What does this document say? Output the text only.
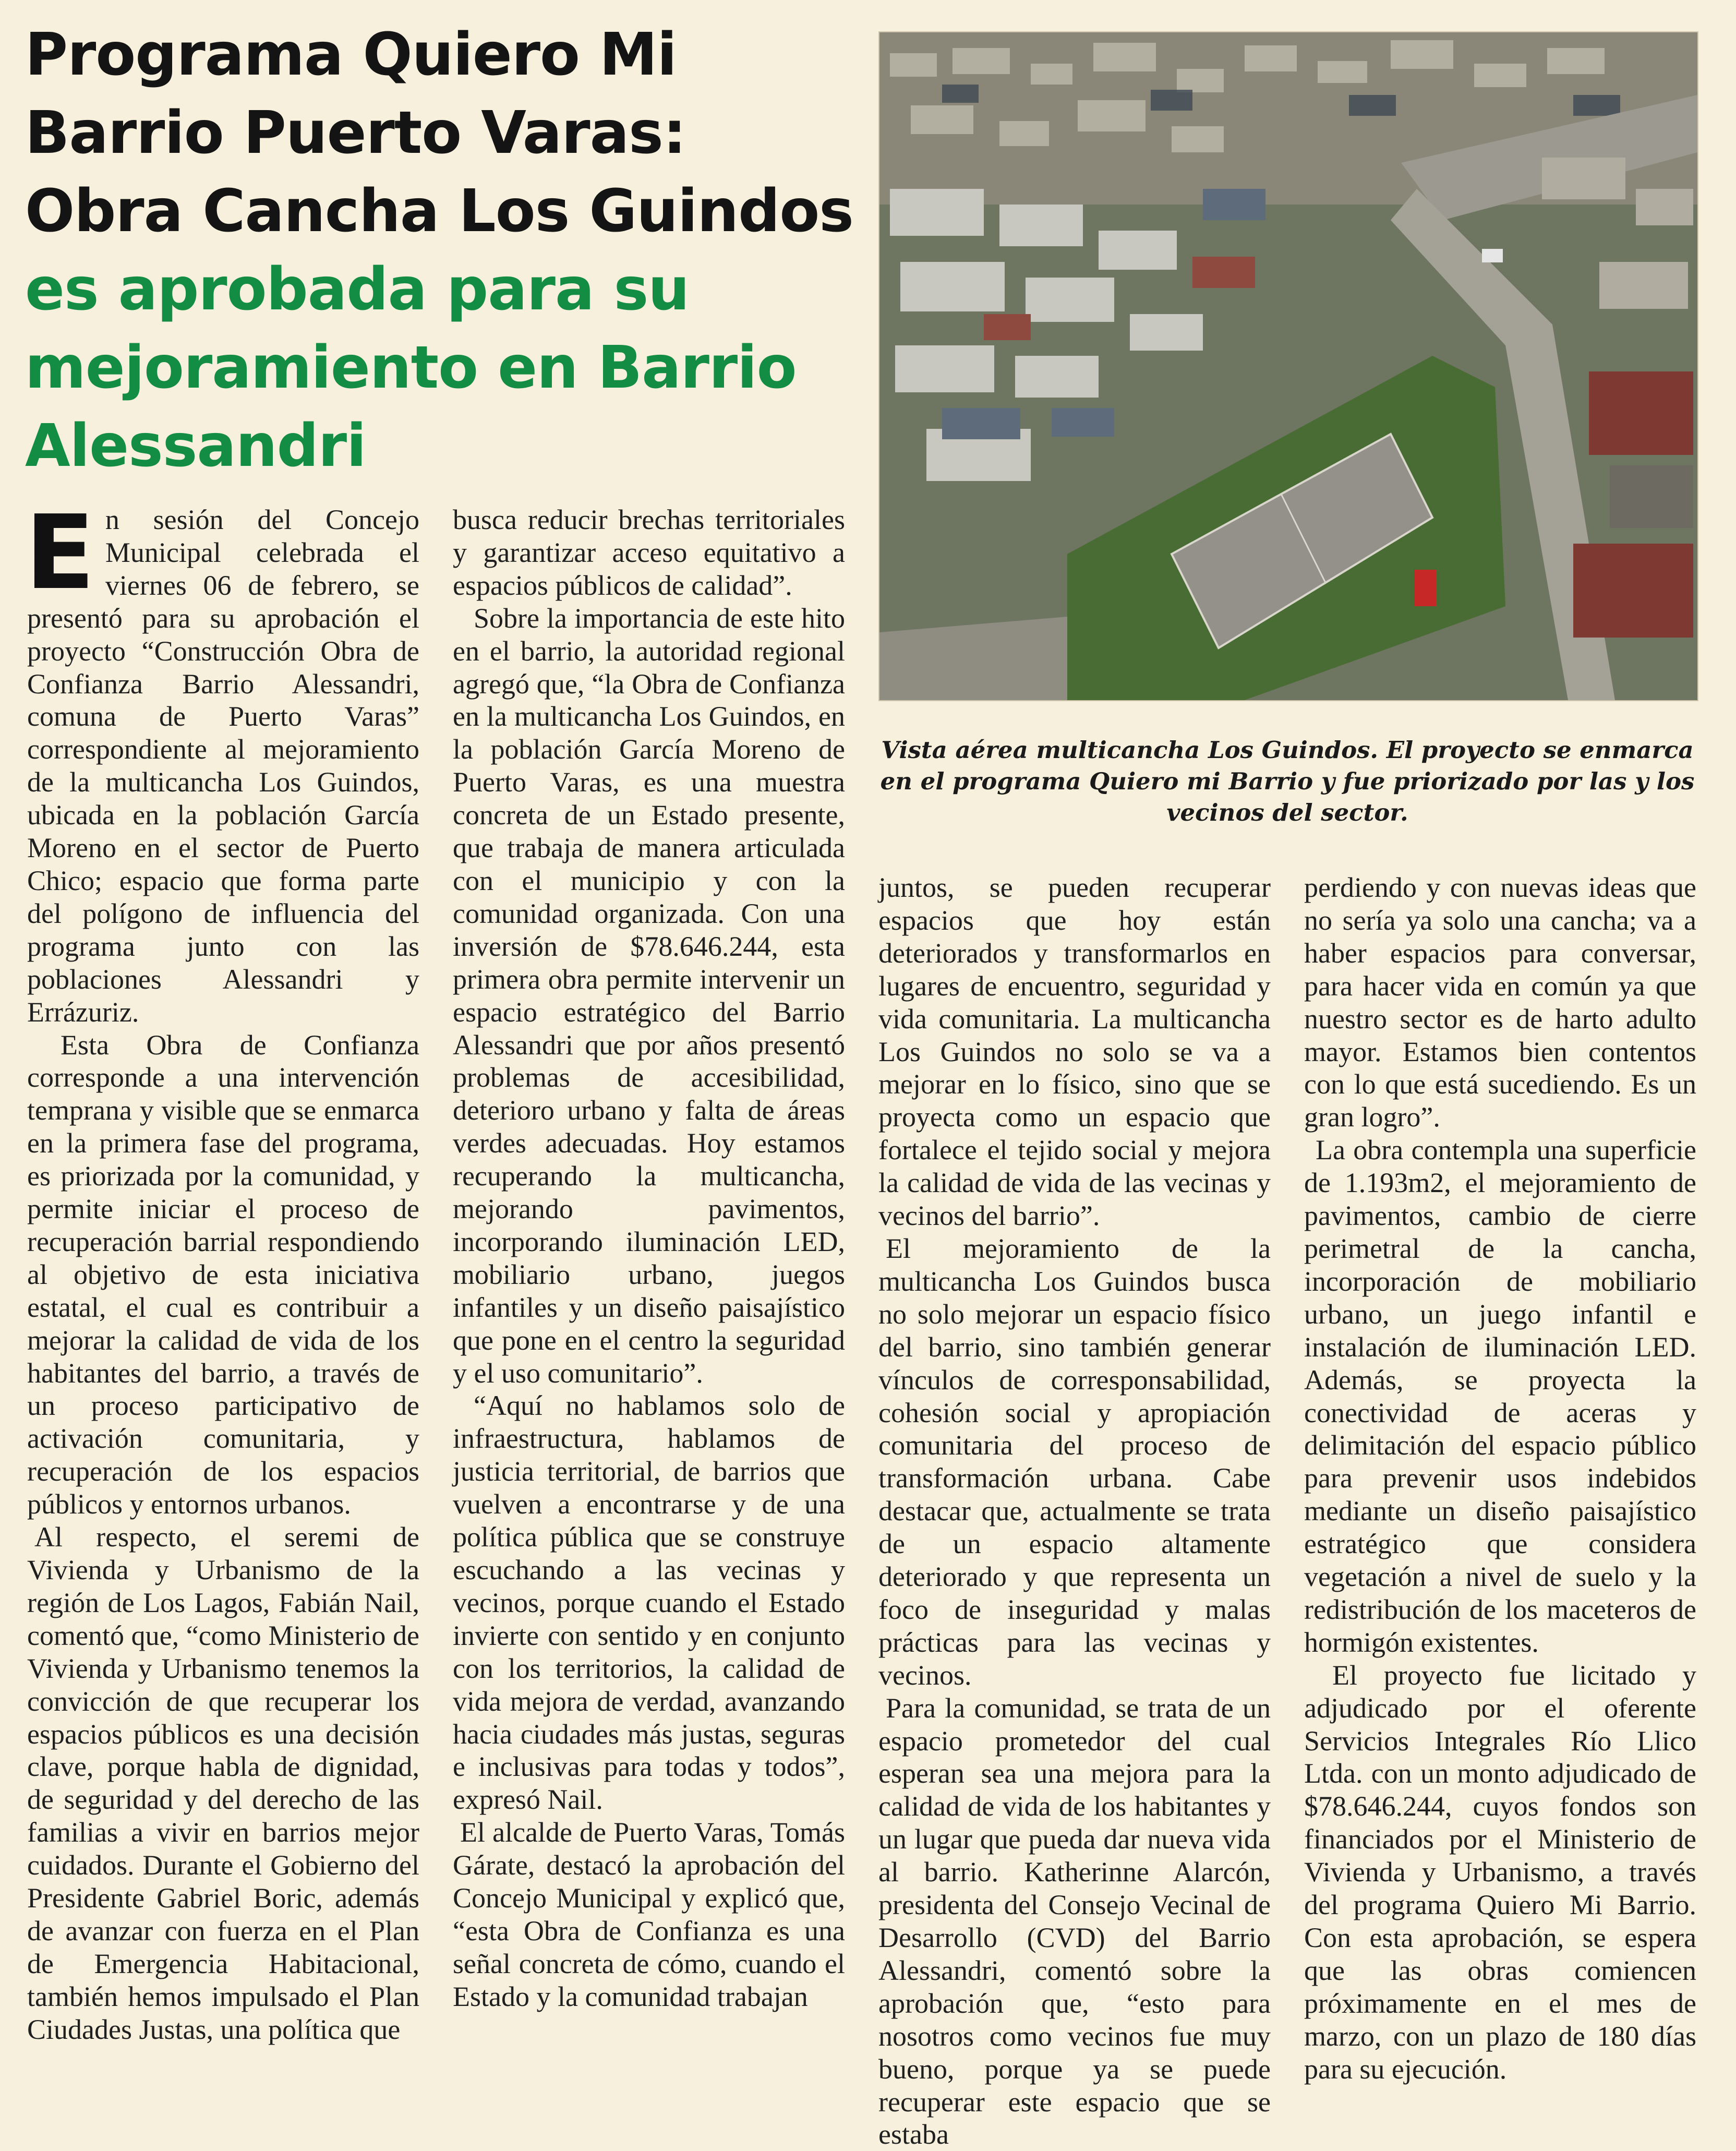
Programa Quiero Mi Barrio Puerto Varas: Obra Cancha Los Guindos es aprobada para su mejoramiento en Barrio Alessandri

Vista aérea multicancha Los Guindos. El proyecto se enmarca en el programa Quiero mi Barrio y fue priorizado por las y los vecinos del sector.

En sesión del Concejo Municipal celebrada el viernes 06 de febrero, se presentó para su aprobación el proyecto “Construcción Obra de Confianza Barrio Alessandri, comuna de Puerto Varas” correspondiente al mejoramiento de la multicancha Los Guindos, ubicada en la población García Moreno en el sector de Puerto Chico; espacio que forma parte del polígono de influencia del programa junto con las poblaciones Alessandri y Errázuriz.

Esta Obra de Confianza corresponde a una intervención temprana y visible que se enmarca en la primera fase del programa, es priorizada por la comunidad, y permite iniciar el proceso de recuperación barrial respondiendo al objetivo de esta iniciativa estatal, el cual es contribuir a mejorar la calidad de vida de los habitantes del barrio, a través de un proceso participativo de activación comunitaria, y recuperación de los espacios públicos y entornos urbanos.

Al respecto, el seremi de Vivienda y Urbanismo de la región de Los Lagos, Fabián Nail, comentó que, “como Ministerio de Vivienda y Urbanismo tenemos la convicción de que recuperar los espacios públicos es una decisión clave, porque habla de dignidad, de seguridad y del derecho de las familias a vivir en barrios mejor cuidados. Durante el Gobierno del Presidente Gabriel Boric, además de avanzar con fuerza en el Plan de Emergencia Habitacional, también hemos impulsado el Plan Ciudades Justas, una política que

busca reducir brechas territoriales y garantizar acceso equitativo a espacios públicos de calidad”.

Sobre la importancia de este hito en el barrio, la autoridad regional agregó que, “la Obra de Confianza en la multicancha Los Guindos, en la población García Moreno de Puerto Varas, es una muestra concreta de un Estado presente, que trabaja de manera articulada con el municipio y con la comunidad organizada. Con una inversión de $78.646.244, esta primera obra permite intervenir un espacio estratégico del Barrio Alessandri que por años presentó problemas de accesibilidad, deterioro urbano y falta de áreas verdes adecuadas. Hoy estamos recuperando la multicancha, mejorando pavimentos, incorporando iluminación LED, mobiliario urbano, juegos infantiles y un diseño paisajístico que pone en el centro la seguridad y el uso comunitario”.

“Aquí no hablamos solo de infraestructura, hablamos de justicia territorial, de barrios que vuelven a encontrarse y de una política pública que se construye escuchando a las vecinas y vecinos, porque cuando el Estado invierte con sentido y en conjunto con los territorios, la calidad de vida mejora de verdad, avanzando hacia ciudades más justas, seguras e inclusivas para todas y todos”, expresó Nail.

El alcalde de Puerto Varas, Tomás Gárate, destacó la aprobación del Concejo Municipal y explicó que, “esta Obra de Confianza es una señal concreta de cómo, cuando el Estado y la comunidad trabajan

juntos, se pueden recuperar espacios que hoy están deteriorados y transformarlos en lugares de encuentro, seguridad y vida comunitaria. La multicancha Los Guindos no solo se va a mejorar en lo físico, sino que se proyecta como un espacio que fortalece el tejido social y mejora la calidad de vida de las vecinas y vecinos del barrio”.

El mejoramiento de la multicancha Los Guindos busca no solo mejorar un espacio físico del barrio, sino también generar vínculos de corresponsabilidad, cohesión social y apropiación comunitaria del proceso de transformación urbana. Cabe destacar que, actualmente se trata de un espacio altamente deteriorado y que representa un foco de inseguridad y malas prácticas para las vecinas y vecinos.

Para la comunidad, se trata de un espacio prometedor del cual esperan sea una mejora para la calidad de vida de los habitantes y un lugar que pueda dar nueva vida al barrio. Katherinne Alarcón, presidenta del Consejo Vecinal de Desarrollo (CVD) del Barrio Alessandri, comentó sobre la aprobación que, “esto para nosotros como vecinos fue muy bueno, porque ya se puede recuperar este espacio que se estaba

perdiendo y con nuevas ideas que no sería ya solo una cancha; va a haber espacios para conversar, para hacer vida en común ya que nuestro sector es de harto adulto mayor. Estamos bien contentos con lo que está sucediendo. Es un gran logro”.

La obra contempla una superficie de 1.193m2, el mejoramiento de pavimentos, cambio de cierre perimetral de la cancha, incorporación de mobiliario urbano, un juego infantil e instalación de iluminación LED. Además, se proyecta la conectividad de aceras y delimitación del espacio público para prevenir usos indebidos mediante un diseño paisajístico estratégico que considera vegetación a nivel de suelo y la redistribución de los maceteros de hormigón existentes.

El proyecto fue licitado y adjudicado por el oferente Servicios Integrales Río Llico Ltda. con un monto adjudicado de $78.646.244, cuyos fondos son financiados por el Ministerio de Vivienda y Urbanismo, a través del programa Quiero Mi Barrio. Con esta aprobación, se espera que las obras comiencen próximamente en el mes de marzo, con un plazo de 180 días para su ejecución.
